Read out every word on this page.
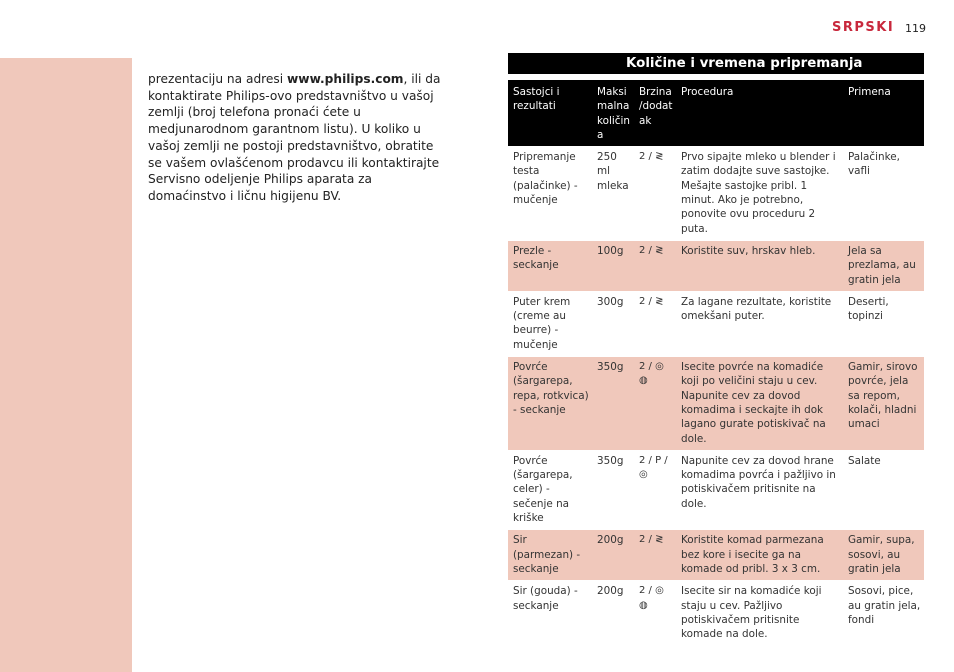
SRPSKI 119
prezentaciju na adresi www.philips.com, ili da kontaktirate Philips-ovo predstavništvo u vašoj zemlji (broj telefona pronaći ćete u medjunarodnom garantnom listu). U koliko u vašoj zemlji ne postoji predstavništvo, obratite se vašem ovlašćenom prodavcu ili kontaktirajte Servisno odeljenje Philips aparata za domaćinstvo i ličnu higijenu BV.
Količine i vremena pripremanja
Sastojci i rezultati	Maksi malna količin a	Brzina /dodat ak	Procedura	Primena
Pripremanje testa (palačinke) - mučenje	250 ml mleka	2 / ≷	Prvo sipajte mleko u blender i zatim dodajte suve sastojke. Mešajte sastojke pribl. 1 minut. Ako je potrebno, ponovite ovu proceduru 2 puta.	Palačinke, vafli
Prezle - seckanje	100g	2 / ≷	Koristite suv, hrskav hleb.	Jela sa prezlama, au gratin jela
Puter krem (creme au beurre) - mučenje	300g	2 / ≷	Za lagane rezultate, koristite omekšani puter.	Deserti, topinzi
Povrće (šargarepa, repa, rotkvica) - seckanje	350g	2 / ◎ ◍	Isecite povrće na komadiće koji po veličini staju u cev. Napunite cev za dovod komadima i seckajte ih dok lagano gurate potiskivač na dole.	Gamir, sirovo povrće, jela sa repom, kolači, hladni umaci
Povrće (šargarepa, celer) - sečenje na kriške	350g	2 / P / ◎	Napunite cev za dovod hrane komadima povrća i pažljivo in potiskivačem pritisnite na dole.	Salate
Sir (parmezan) - seckanje	200g	2 / ≷	Koristite komad parmezana bez kore i isecite ga na komade od pribl. 3 x 3 cm.	Gamir, supa, sosovi, au gratin jela
Sir (gouda) - seckanje	200g	2 / ◎ ◍	Isecite sir na komadiće koji staju u cev. Pažljivo potiskivačem pritisnite komade na dole.	Sosovi, pice, au gratin jela, fondi
